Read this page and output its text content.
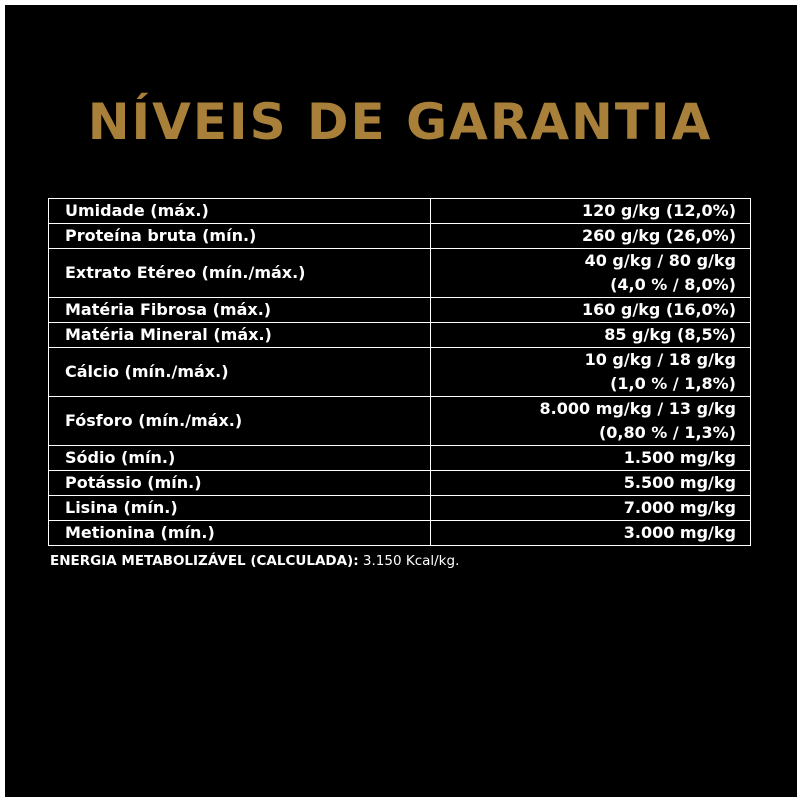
NÍVEIS DE GARANTIA
Umidade (máx.)	120 g/kg (12,0%)
Proteína bruta (mín.)	260 g/kg (26,0%)
Extrato Etéreo (mín./máx.)	40 g/kg / 80 g/kg
(4,0 % / 8,0%)

Matéria Fibrosa (máx.)	160 g/kg (16,0%)
Matéria Mineral (máx.)	85 g/kg (8,5%)
Cálcio (mín./máx.)	10 g/kg / 18 g/kg
(1,0 % / 1,8%)

Fósforo (mín./máx.)	8.000 mg/kg / 13 g/kg
(0,80 % / 1,3%)

Sódio (mín.)	1.500 mg/kg
Potássio (mín.)	5.500 mg/kg
Lisina (mín.)	7.000 mg/kg
Metionina (mín.)	3.000 mg/kg
ENERGIA METABOLIZÁVEL (CALCULADA): 3.150 Kcal/kg.
